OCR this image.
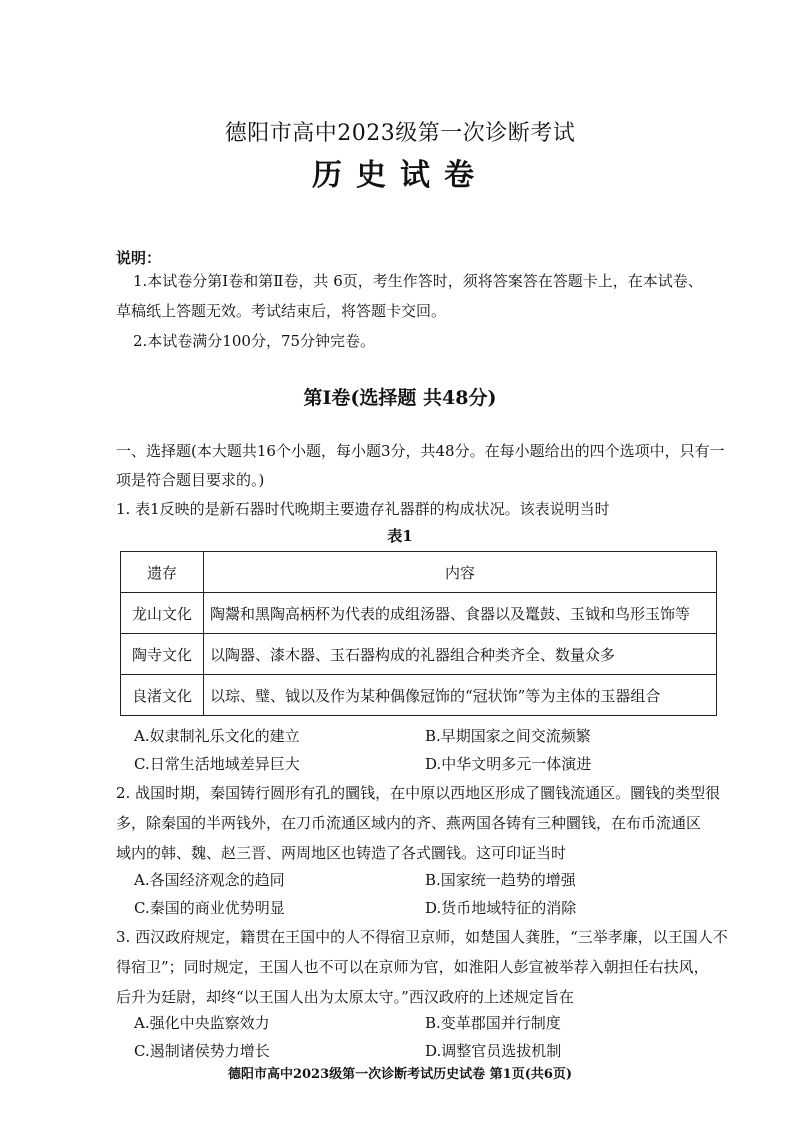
德阳市高中2023级第一次诊断考试
历史试卷
说明：
1.本试卷分第Ⅰ卷和第Ⅱ卷，共 6页，考生作答时，须将答案答在答题卡上，在本试卷、
草稿纸上答题无效。考试结束后，将答题卡交回。
2.本试卷满分100分，75分钟完卷。
第Ⅰ卷(选择题 共48分)
一、选择题(本大题共16个小题，每小题3分，共48分。在每小题给出的四个选项中，只有一
项是符合题目要求的。)
1. 表1反映的是新石器时代晚期主要遗存礼器群的构成状况。该表说明当时
表1
遗存	内容
龙山文化	陶鬶和黑陶高柄杯为代表的成组汤器、食器以及鼍鼓、玉钺和鸟形玉饰等
陶寺文化	以陶器、漆木器、玉石器构成的礼器组合种类齐全、数量众多
良渚文化	以琮、璧、钺以及作为某种偶像冠饰的“冠状饰”等为主体的玉器组合
A.奴隶制礼乐文化的建立	B.早期国家之间交流频繁
C.日常生活地域差异巨大	D.中华文明多元一体演进
2. 战国时期，秦国铸行圆形有孔的圜钱，在中原以西地区形成了圜钱流通区。圜钱的类型很
多，除秦国的半两钱外，在刀币流通区域内的齐、燕两国各铸有三种圜钱，在布币流通区
域内的韩、魏、赵三晋、两周地区也铸造了各式圜钱。这可印证当时
A.各国经济观念的趋同	B.国家统一趋势的增强
C.秦国的商业优势明显	D.货币地域特征的消除
3. 西汉政府规定，籍贯在王国中的人不得宿卫京师，如楚国人龚胜，“三举孝廉，以王国人不
得宿卫”；同时规定，王国人也不可以在京师为官，如淮阳人彭宣被举荐入朝担任右扶风，
后升为廷尉，却终“以王国人出为太原太守。”西汉政府的上述规定旨在
A.强化中央监察效力	B.变革郡国并行制度
C.遏制诸侯势力增长	D.调整官员选拔机制
德阳市高中2023级第一次诊断考试历史试卷 第1页(共6页)
